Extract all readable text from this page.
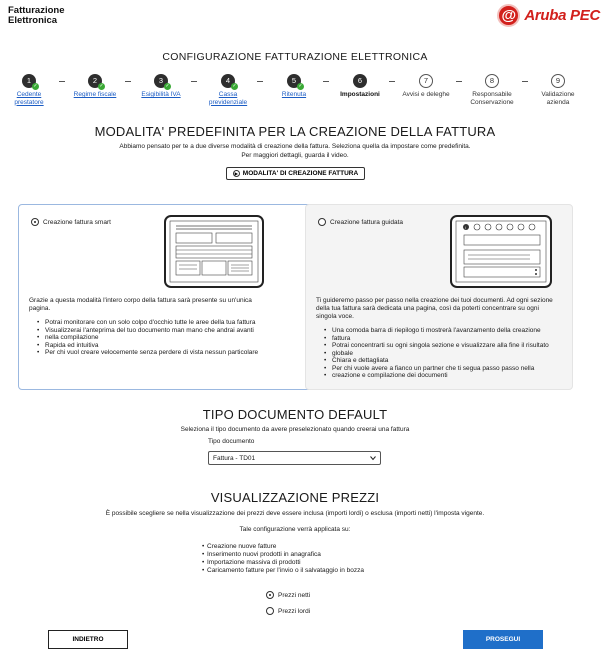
Fatturazione
Elettronica	@ Aruba PEC
CONFIGURAZIONE FATTURAZIONE ELETTRONICA
1
✓
Cedente
prestatore
2
✓
Regime fiscale
3
✓
Esigibilità IVA
4
✓
Cassa
previdenziale
5
✓
Ritenuta
6
Impostazioni
7
Avvisi e deleghe
8
Responsabile
Conservazione
9
Validazione
azienda
MODALITA' PREDEFINITA PER LA CREAZIONE DELLA FATTURA
Abbiamo pensato per te a due diverse modalità di creazione della fattura. Seleziona quella da impostare come predefinita.
Per maggiori dettagli, guarda il video.
▶ MODALITA' DI CREAZIONE FATTURA
Creazione fattura smart
Grazie a questa modalità l'intero corpo della fattura sarà presente su un'unica
pagina.
• Potrai monitorare con un solo colpo d'occhio tutte le aree della tua fattura
• Visualizzerai l'anteprima del tuo documento man mano che andrai avanti
• nella compilazione
• Rapida ed intuitiva
• Per chi vuol creare velocemente senza perdere di vista nessun particolare
Creazione fattura guidata
i
Ti guideremo passo per passo nella creazione dei tuoi documenti. Ad ogni sezione
della tua fattura sarà dedicata una pagina, così da poterti concentrare su ogni
singola voce.
• Una comoda barra di riepilogo ti mostrerà l'avanzamento della creazione
• fattura
• Potrai concentrarti su ogni singola sezione e visualizzare alla fine il risultato
• globale
• Chiara e dettagliata
• Per chi vuole avere a fianco un partner che ti segua passo passo nella
• creazione e compilazione dei documenti
TIPO DOCUMENTO DEFAULT
Seleziona il tipo documento da avere preselezionato quando creerai una fattura
Tipo documento
Fattura - TD01
VISUALIZZAZIONE PREZZI
È possibile scegliere se nella visualizzazione dei prezzi deve essere inclusa (importi lordi) o esclusa (importi netti) l'imposta vigente.
Tale configurazione verrà applicata su:
• Creazione nuove fatture
• Inserimento nuovi prodotti in anagrafica
• Importazione massiva di prodotti
• Caricamento fatture per l'invio o il salvataggio in bozza
Prezzi netti
Prezzi lordi
INDIETRO	PROSEGUI
